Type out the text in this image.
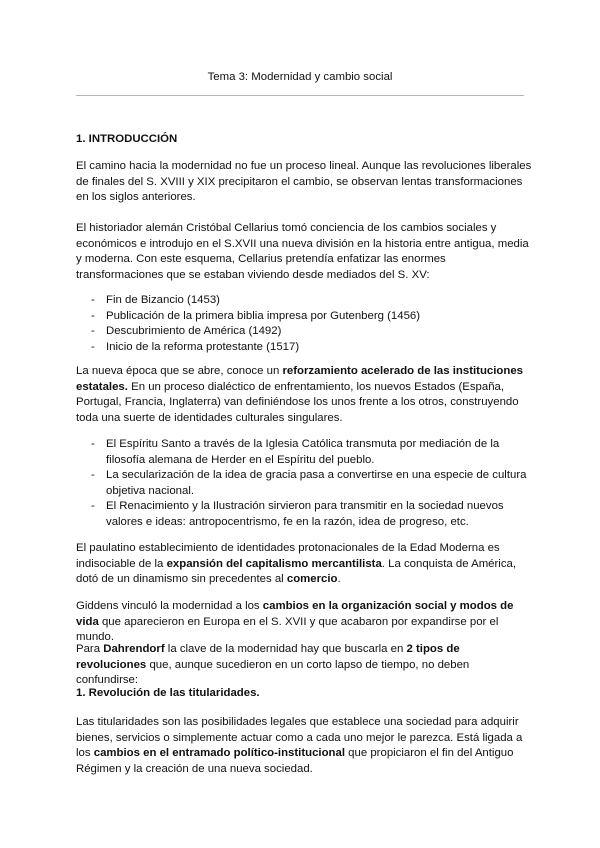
Tema 3: Modernidad y cambio social
1. INTRODUCCIÓN

El camino hacia la modernidad no fue un proceso lineal. Aunque las revoluciones liberales de finales del S. XVIII y XIX precipitaron el cambio, se observan lentas transformaciones en los siglos anteriores.

El historiador alemán Cristóbal Cellarius tomó conciencia de los cambios sociales y económicos e introdujo en el S.XVII una nueva división en la historia entre antigua, media y moderna. Con este esquema, Cellarius pretendía enfatizar las enormes transformaciones que se estaban viviendo desde mediados del S. XV:

- Fin de Bizancio (1453)
- Publicación de la primera biblia impresa por Gutenberg (1456)
- Descubrimiento de América (1492)
- Inicio de la reforma protestante (1517)

La nueva época que se abre, conoce un reforzamiento acelerado de las instituciones estatales. En un proceso dialéctico de enfrentamiento, los nuevos Estados (España, Portugal, Francia, Inglaterra) van definiéndose los unos frente a los otros, construyendo toda una suerte de identidades culturales singulares.

- El Espíritu Santo a través de la Iglesia Católica transmuta por mediación de la filosofía alemana de Herder en el Espíritu del pueblo.
- La secularización de la idea de gracia pasa a convertirse en una especie de cultura objetiva nacional.
- El Renacimiento y la Ilustración sirvieron para transmitir en la sociedad nuevos valores e ideas: antropocentrismo, fe en la razón, idea de progreso, etc.

El paulatino establecimiento de identidades protonacionales de la Edad Moderna es indisociable de la expansión del capitalismo mercantilista. La conquista de América, dotó de un dinamismo sin precedentes al comercio.

Giddens vinculó la modernidad a los cambios en la organización social y modos de vida que aparecieron en Europa en el S. XVII y que acabaron por expandirse por el mundo.

Para Dahrendorf la clave de la modernidad hay que buscarla en 2 tipos de revoluciones que, aunque sucedieron en un corto lapso de tiempo, no deben confundirse:

1. Revolución de las titularidades.

Las titularidades son las posibilidades legales que establece una sociedad para adquirir bienes, servicios o simplemente actuar como a cada uno mejor le parezca. Está ligada a los cambios en el entramado político-institucional que propiciaron el fin del Antiguo Régimen y la creación de una nueva sociedad.
